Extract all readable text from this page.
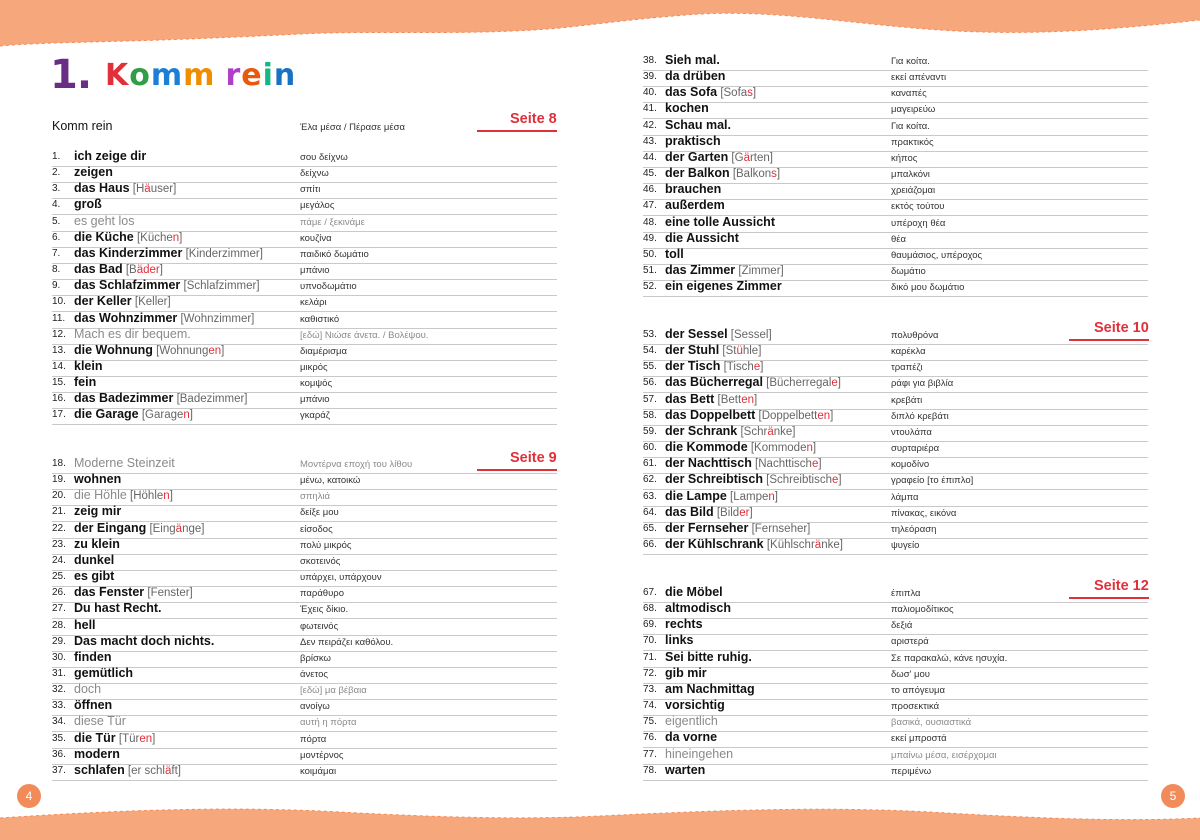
1. Komm rein
Komm rein	Έλα μέσα / Πέρασε μέσα
4
Seite 8
1. ich zeige dir	σου δείχνω
2. zeigen	δείχνω
3. das Haus [Häuser]	σπίτι
4. groß	μεγάλος
5. es geht los	πάμε / ξεκινάμε
6. die Küche [Küchen]	κουζίνα
7. das Kinderzimmer [Kinderzimmer]	παιδικό δωμάτιο
8. das Bad [Bäder]	μπάνιο
9. das Schlafzimmer [Schlafzimmer]	υπνοδωμάτιο
10. der Keller [Keller]	κελάρι
11. das Wohnzimmer [Wohnzimmer]	καθιστικό
12. Mach es dir bequem.	[εδώ] Νιώσε άνετα. / Βολέψου.
13. die Wohnung [Wohnungen]	διαμέρισμα
14. klein	μικρός
15. fein	κομψός
16. das Badezimmer [Badezimmer]	μπάνιο
17. die Garage [Garagen]	γκαράζ
Seite 9
18. Moderne Steinzeit	Μοντέρνα εποχή του λίθου
19. wohnen	μένω, κατοικώ
20. die Höhle [Höhlen]	σπηλιά
21. zeig mir	δείξε μου
22. der Eingang [Eingänge]	είσοδος
23. zu klein	πολύ μικρός
24. dunkel	σκοτεινός
25. es gibt	υπάρχει, υπάρχουν
26. das Fenster [Fenster]	παράθυρο
27. Du hast Recht.	Έχεις δίκιο.
28. hell	φωτεινός
29. Das macht doch nichts.	Δεν πειράζει καθόλου.
30. finden	βρίσκω
31. gemütlich	άνετος
32. doch	[εδώ] μα βέβαια
33. öffnen	ανοίγω
34. diese Tür	αυτή η πόρτα
35. die Tür [Türen]	πόρτα
36. modern	μοντέρνος
37. schlafen [er schläft]	κοιμάμαι
5
38. Sieh mal.	Για κοίτα.
39. da drüben	εκεί απέναντι
40. das Sofa [Sofas]	καναπές
41. kochen	μαγειρεύω
42. Schau mal.	Για κοίτα.
43. praktisch	πρακτικός
44. der Garten [Gärten]	κήπος
45. der Balkon [Balkons]	μπαλκόνι
46. brauchen	χρειάζομαι
47. außerdem	εκτός τούτου
48. eine tolle Aussicht	υπέροχη θέα
49. die Aussicht	θέα
50. toll	θαυμάσιος, υπέροχος
51. das Zimmer [Zimmer]	δωμάτιο
52. ein eigenes Zimmer	δικό μου δωμάτιο
Seite 10
53. der Sessel [Sessel]	πολυθρόνα
54. der Stuhl [Stühle]	καρέκλα
55. der Tisch [Tische]	τραπέζι
56. das Bücherregal [Bücherregale]	ράφι για βιβλία
57. das Bett [Betten]	κρεβάτι
58. das Doppelbett [Doppelbetten]	διπλό κρεβάτι
59. der Schrank [Schränke]	ντουλάπα
60. die Kommode [Kommoden]	συρταριέρα
61. der Nachttisch [Nachttische]	κομοδίνο
62. der Schreibtisch [Schreibtische]	γραφείο [το έπιπλο]
63. die Lampe [Lampen]	λάμπα
64. das Bild [Bilder]	πίνακας, εικόνα
65. der Fernseher [Fernseher]	τηλεόραση
66. der Kühlschrank [Kühlschränke]	ψυγείο
Seite 12
67. die Möbel	έπιπλα
68. altmodisch	παλιομοδίτικος
69. rechts	δεξιά
70. links	αριστερά
71. Sei bitte ruhig.	Σε παρακαλώ, κάνε ησυχία.
72. gib mir	δωσ' μου
73. am Nachmittag	το απόγευμα
74. vorsichtig	προσεκτικά
75. eigentlich	βασικά, ουσιαστικά
76. da vorne	εκεί μπροστά
77. hineingehen	μπαίνω μέσα, εισέρχομαι
78. warten	περιμένω
